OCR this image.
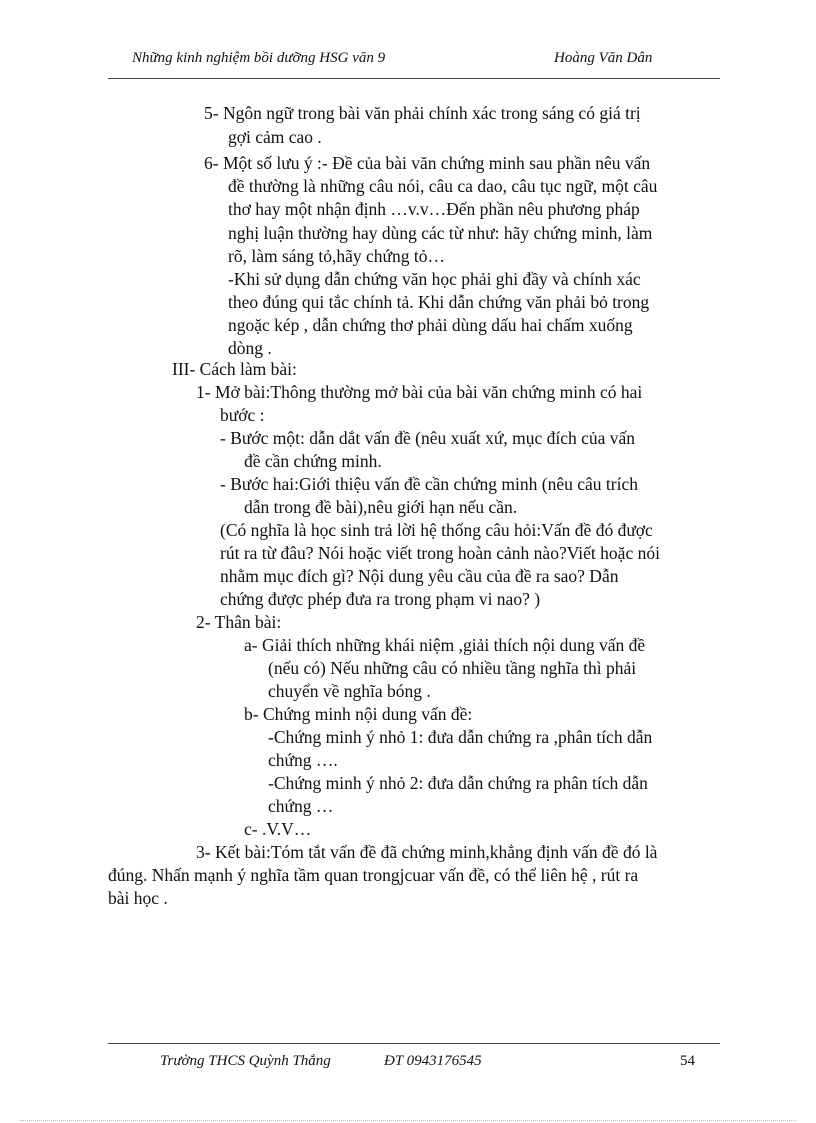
Những kinh nghiệm bồi dưỡng HSG văn 9	Hoàng Văn Dân
5- Ngôn ngữ trong bài văn phải chính xác trong sáng có giá trị
gợi cảm cao .
6- Một số lưu ý :- Đề của bài văn chứng minh sau phần nêu vấn
đề thường là những câu nói, câu ca dao, câu tục ngữ, một câu
thơ hay một nhận định …v.v…Đến phần nêu phương pháp
nghị luận thường hay dùng các từ như: hãy chứng minh, làm
rõ, làm sáng tỏ,hãy chứng tỏ…
-Khi sử dụng dẫn chứng văn học phải ghi đầy và chính xác
theo đúng qui tắc chính tả. Khi dẫn chứng văn phải bỏ trong
ngoặc kép , dẫn chứng thơ phải dùng dấu hai chấm xuống
dòng .
III- Cách làm bài:
1- Mở bài:Thông thường mở bài của bài văn chứng minh có hai
bước :
- Bước một: dẫn dắt vấn đề (nêu xuất xứ, mục đích của vấn
đề cần chứng minh.
- Bước hai:Giới thiệu vấn đề cần chứng minh (nêu câu trích
dẫn trong đề bài),nêu giới hạn nếu cần.
(Có nghĩa là học sinh trả lời hệ thống câu hỏi:Vấn đề đó được
rút ra từ đâu? Nói hoặc viết trong hoàn cảnh nào?Viết hoặc nói
nhằm mục đích gì? Nội dung yêu cầu của đề ra sao? Dẫn
chứng được phép đưa ra trong phạm vi nao? )
2- Thân bài:
a- Giải thích những khái niệm ,giải thích nội dung vấn đề
(nếu có) Nếu những câu có nhiều tầng nghĩa thì phải
chuyển về nghĩa bóng .
b- Chứng minh nội dung vấn đề:
-Chứng minh ý nhỏ 1: đưa dẫn chứng ra ,phân tích dẫn
chứng ….
-Chứng minh ý nhỏ 2: đưa dẫn chứng ra phân tích dẫn
chứng …
c- .V.V…
3- Kết bài:Tóm tắt vấn đề đã chứng minh,khẳng định vấn đề đó là
đúng. Nhấn mạnh ý nghĩa tầm quan trongjcuar vấn đề, có thể liên hệ , rút ra
bài học .
Trường THCS Quỳnh Thắng	ĐT 0943176545	54
